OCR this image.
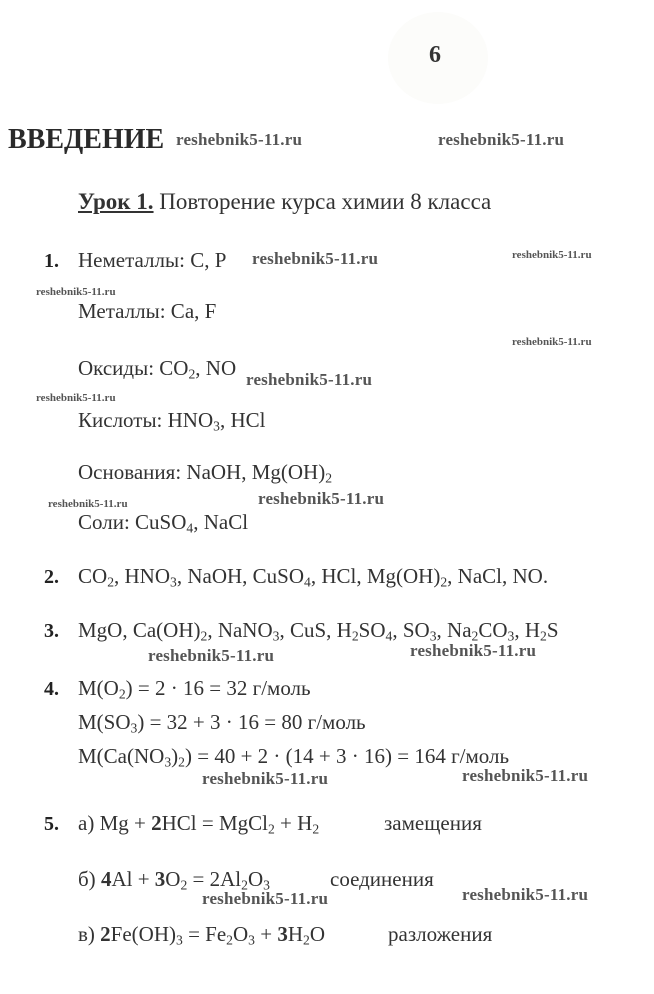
6
ВВЕДЕНИЕ
Урок 1. Повторение курса химии 8 класса
1. Неметаллы: C, P
Металлы: Ca, F
Оксиды: $CO_2$, NO
Кислоты: $HNO_3$, HCl
Основания: NaOH, $Mg(OH)_2$
Соли: CuSO$_4$, NaCl
2. $CO_2$, $HNO_3$, NaOH, CuSO$_4$, HCl, $Mg(OH)_2$, NaCl, NO.
3. MgO, $Ca(OH)_2$, NaNO$_3$, CuS, $H_2SO_4$, $SO_3$, $Na_2CO_3$, $H_2S$
4. $M(O_2) = 2 \cdot 16 = 32$ г/моль
$M(SO_3) = 32 + 3 \cdot 16 = 80$ г/моль
$M(Ca(NO_3)_2) = 40 + 2 \cdot (14 + 3 \cdot 16) = 164$ г/моль
5. а) Mg + 2HCl = MgCl$_2$ + $H_2$	замещения
б) $4Al + 3O_2 = 2Al_2O_3$	соединения
в) $2Fe(OH)_3 = Fe_2O_3 + 3H_2O$	разложения
reshebnik5-11.ru	reshebnik5-11.ru
reshebnik5-11.ru	reshebnik5-11.ru
reshebnik5-11.ru
reshebnik5-11.ru
reshebnik5-11.ru
reshebnik5-11.ru
reshebnik5-11.ru	reshebnik5-11.ru
reshebnik5-11.ru	reshebnik5-11.ru
reshebnik5-11.ru	reshebnik5-11.ru
reshebnik5-11.ru	reshebnik5-11.ru
